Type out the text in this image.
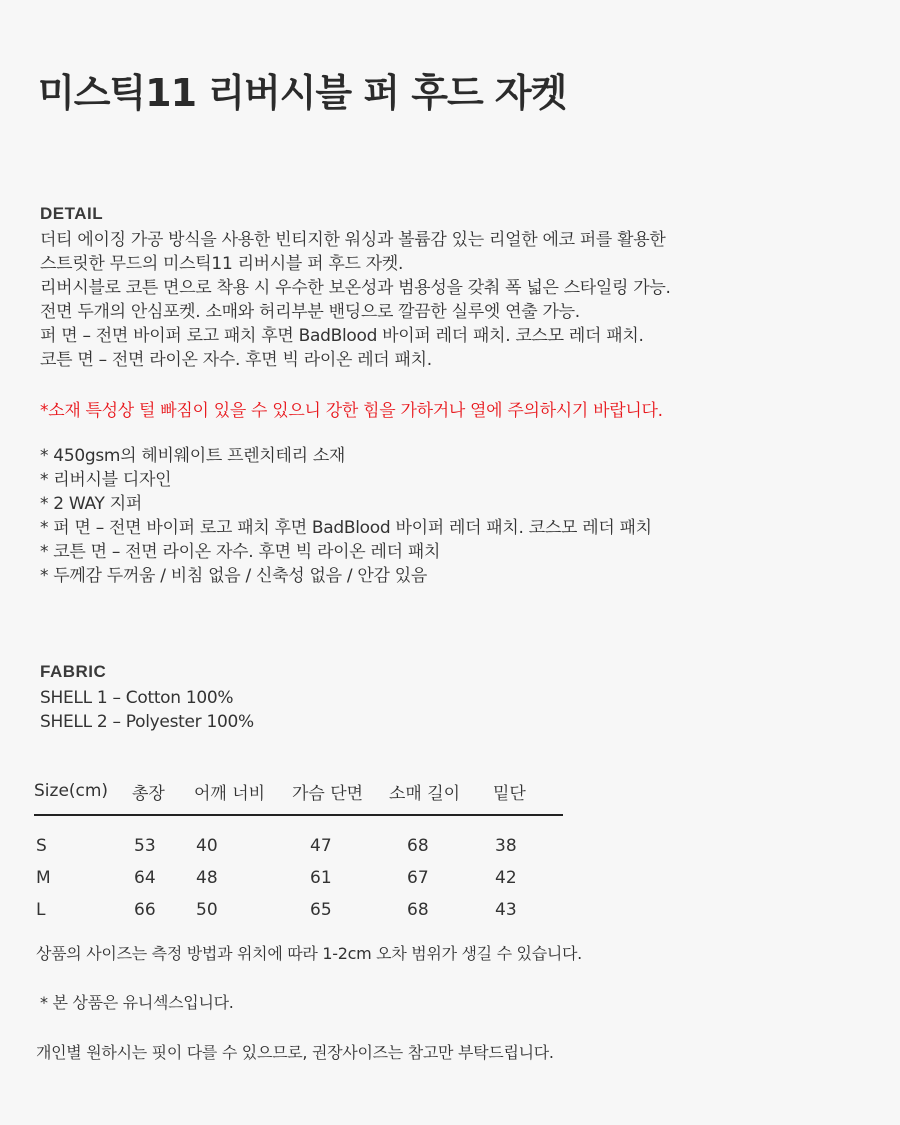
미스틱11 리버시블 퍼 후드 자켓
DETAIL
더티 에이징 가공 방식을 사용한 빈티지한 워싱과 볼륨감 있는 리얼한 에코 퍼를 활용한
스트릿한 무드의 미스틱11 리버시블 퍼 후드 자켓.
리버시블로 코튼 면으로 착용 시 우수한 보온성과 범용성을 갖춰 폭 넓은 스타일링 가능.
전면 두개의 안심포켓. 소매와 허리부분 밴딩으로 깔끔한 실루엣 연출 가능.
퍼 면 – 전면 바이퍼 로고 패치 후면 BadBlood 바이퍼 레더 패치. 코스모 레더 패치.
코튼 면 – 전면 라이온 자수. 후면 빅 라이온 레더 패치.
*소재 특성상 털 빠짐이 있을 수 있으니 강한 힘을 가하거나 열에 주의하시기 바랍니다.
* 450gsm의 헤비웨이트 프렌치테리 소재
* 리버시블 디자인
* 2 WAY 지퍼
* 퍼 면 – 전면 바이퍼 로고 패치 후면 BadBlood 바이퍼 레더 패치. 코스모 레더 패치
* 코튼 면 – 전면 라이온 자수. 후면 빅 라이온 레더 패치
* 두께감 두꺼움 / 비침 없음 / 신축성 없음 / 안감 있음
FABRIC
SHELL 1 – Cotton 100%
SHELL 2 – Polyester 100%
Size(cm)	총장	어깨 너비	가슴 단면	소매 길이	밑단
S	53	40	47	68	38
M	64	48	61	67	42
L	66	50	65	68	43
상품의 사이즈는 측정 방법과 위치에 따라 1-2cm 오차 범위가 생길 수 있습니다.
* 본 상품은 유니섹스입니다.
개인별 원하시는 핏이 다를 수 있으므로, 권장사이즈는 참고만 부탁드립니다.
